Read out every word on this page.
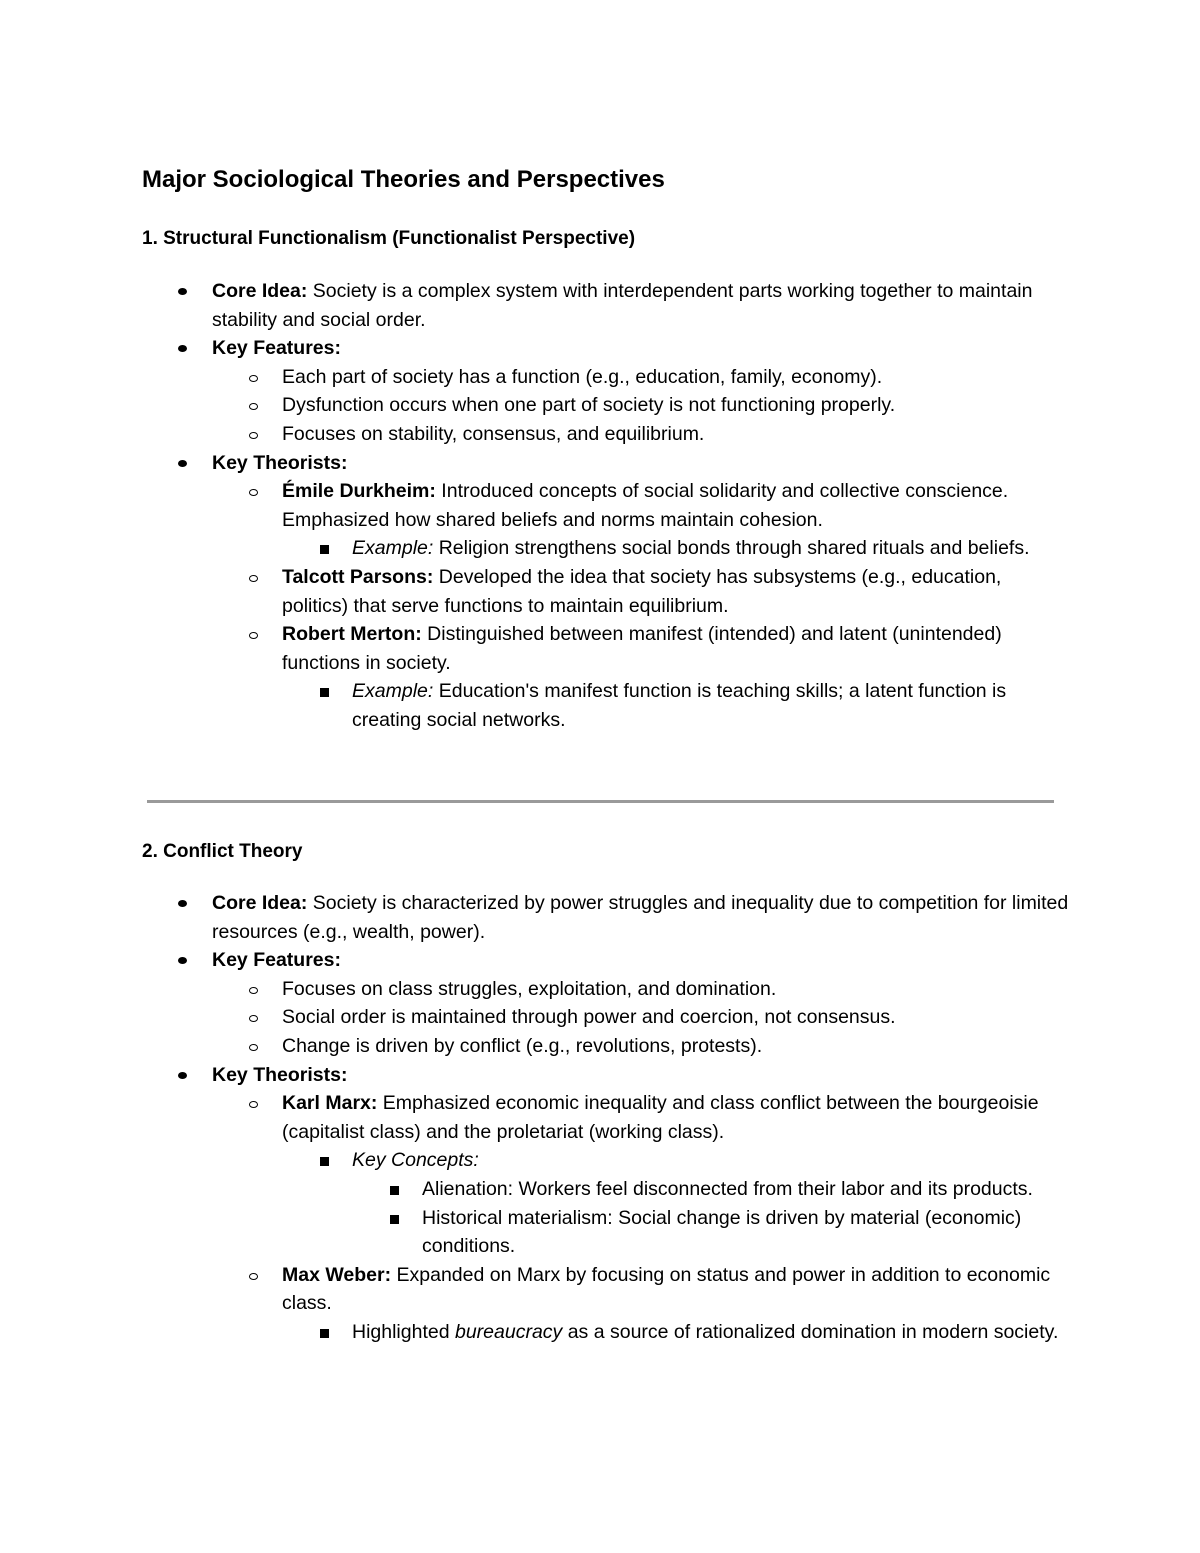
Major Sociological Theories and Perspectives
1. Structural Functionalism (Functionalist Perspective)
Core Idea: Society is a complex system with interdependent parts working together to maintain stability and social order.
Key Features:
Each part of society has a function (e.g., education, family, economy).
Dysfunction occurs when one part of society is not functioning properly.
Focuses on stability, consensus, and equilibrium.
Key Theorists:
Émile Durkheim: Introduced concepts of social solidarity and collective conscience. Emphasized how shared beliefs and norms maintain cohesion.
Example: Religion strengthens social bonds through shared rituals and beliefs.
Talcott Parsons: Developed the idea that society has subsystems (e.g., education, politics) that serve functions to maintain equilibrium.
Robert Merton: Distinguished between manifest (intended) and latent (unintended) functions in society.
Example: Education's manifest function is teaching skills; a latent function is creating social networks.
2. Conflict Theory
Core Idea: Society is characterized by power struggles and inequality due to competition for limited resources (e.g., wealth, power).
Key Features:
Focuses on class struggles, exploitation, and domination.
Social order is maintained through power and coercion, not consensus.
Change is driven by conflict (e.g., revolutions, protests).
Key Theorists:
Karl Marx: Emphasized economic inequality and class conflict between the bourgeoisie (capitalist class) and the proletariat (working class).
Key Concepts:
Alienation: Workers feel disconnected from their labor and its products.
Historical materialism: Social change is driven by material (economic) conditions.
Max Weber: Expanded on Marx by focusing on status and power in addition to economic class.
Highlighted bureaucracy as a source of rationalized domination in modern society.
